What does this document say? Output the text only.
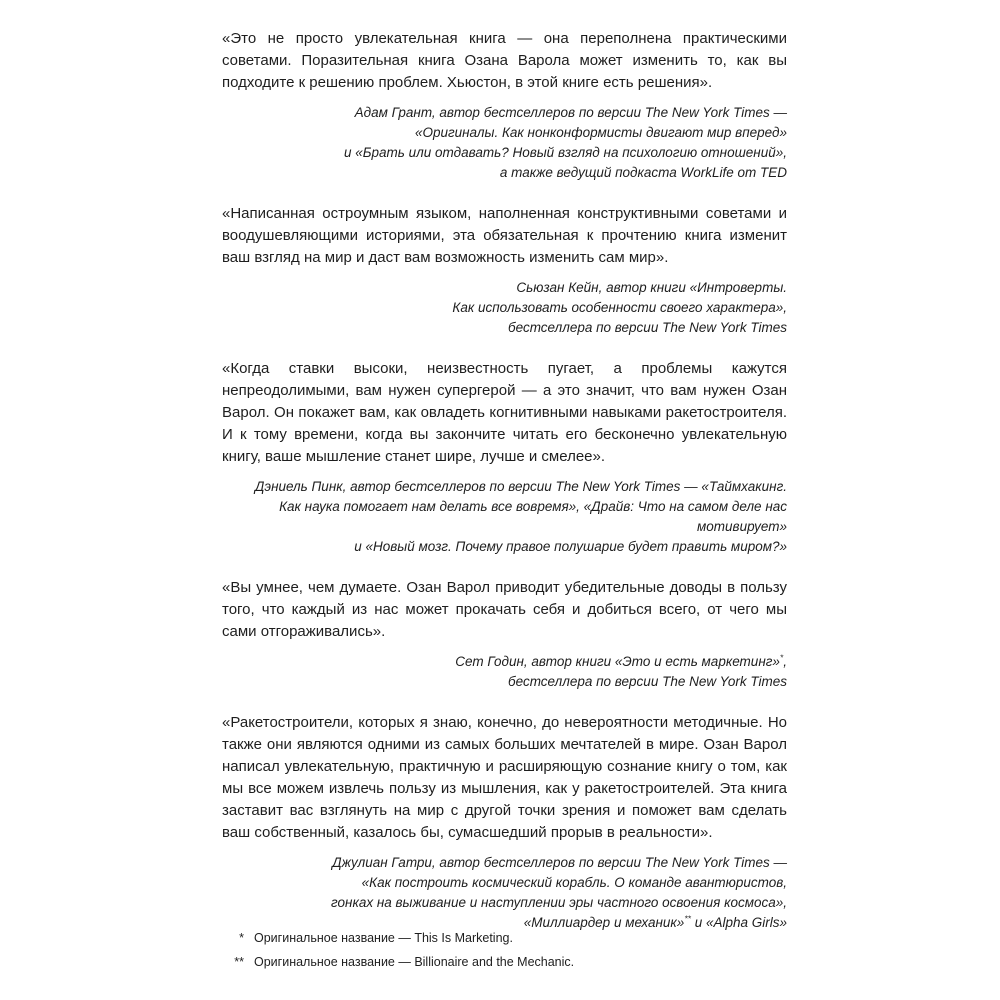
«Это не просто увлекательная книга — она переполнена практическими советами. Поразительная книга Озана Варола может изменить то, как вы подходите к решению проблем. Хьюстон, в этой книге есть решения».

Адам Грант, автор бестселлеров по версии The New York Times —
«Оригиналы. Как нонконформисты двигают мир вперед»
и «Брать или отдавать? Новый взгляд на психологию отношений»,
а также ведущий подкаста WorkLife от TED

«Написанная остроумным языком, наполненная конструктивными советами и воодушевляющими историями, эта обязательная к прочтению книга изменит ваш взгляд на мир и даст вам возможность изменить сам мир».

Сьюзан Кейн, автор книги «Интроверты.
Как использовать особенности своего характера»,
бестселлера по версии The New York Times

«Когда ставки высоки, неизвестность пугает, а проблемы кажутся непреодолимыми, вам нужен супергерой — а это значит, что вам нужен Озан Варол. Он покажет вам, как овладеть когнитивными навыками ракетостроителя. И к тому времени, когда вы закончите читать его бесконечно увлекательную книгу, ваше мышление станет шире, лучше и смелее».

Дэниель Пинк, автор бестселлеров по версии The New York Times — «Таймхакинг.
Как наука помогает нам делать все вовремя», «Драйв: Что на самом деле нас мотивирует»
и «Новый мозг. Почему правое полушарие будет править миром?»

«Вы умнее, чем думаете. Озан Варол приводит убедительные доводы в пользу того, что каждый из нас может прокачать себя и добиться всего, от чего мы сами отгораживались».

Сет Годин, автор книги «Это и есть маркетинг»*,
бестселлера по версии The New York Times

«Ракетостроители, которых я знаю, конечно, до невероятности методичные. Но также они являются одними из самых больших мечтателей в мире. Озан Варол написал увлекательную, практичную и расширяющую сознание книгу о том, как мы все можем извлечь пользу из мышления, как у ракетостроителей. Эта книга заставит вас взглянуть на мир с другой точки зрения и поможет вам сделать ваш собственный, казалось бы, сумасшедший прорыв в реальности».

Джулиан Гатри, автор бестселлеров по версии The New York Times —
«Как построить космический корабль. О команде авантюристов,
гонках на выживание и наступлении эры частного освоения космоса»,
«Миллиардер и механик»** и «Alpha Girls»
* Оригинальное название — This Is Marketing.
** Оригинальное название — Billionaire and the Mechanic.
